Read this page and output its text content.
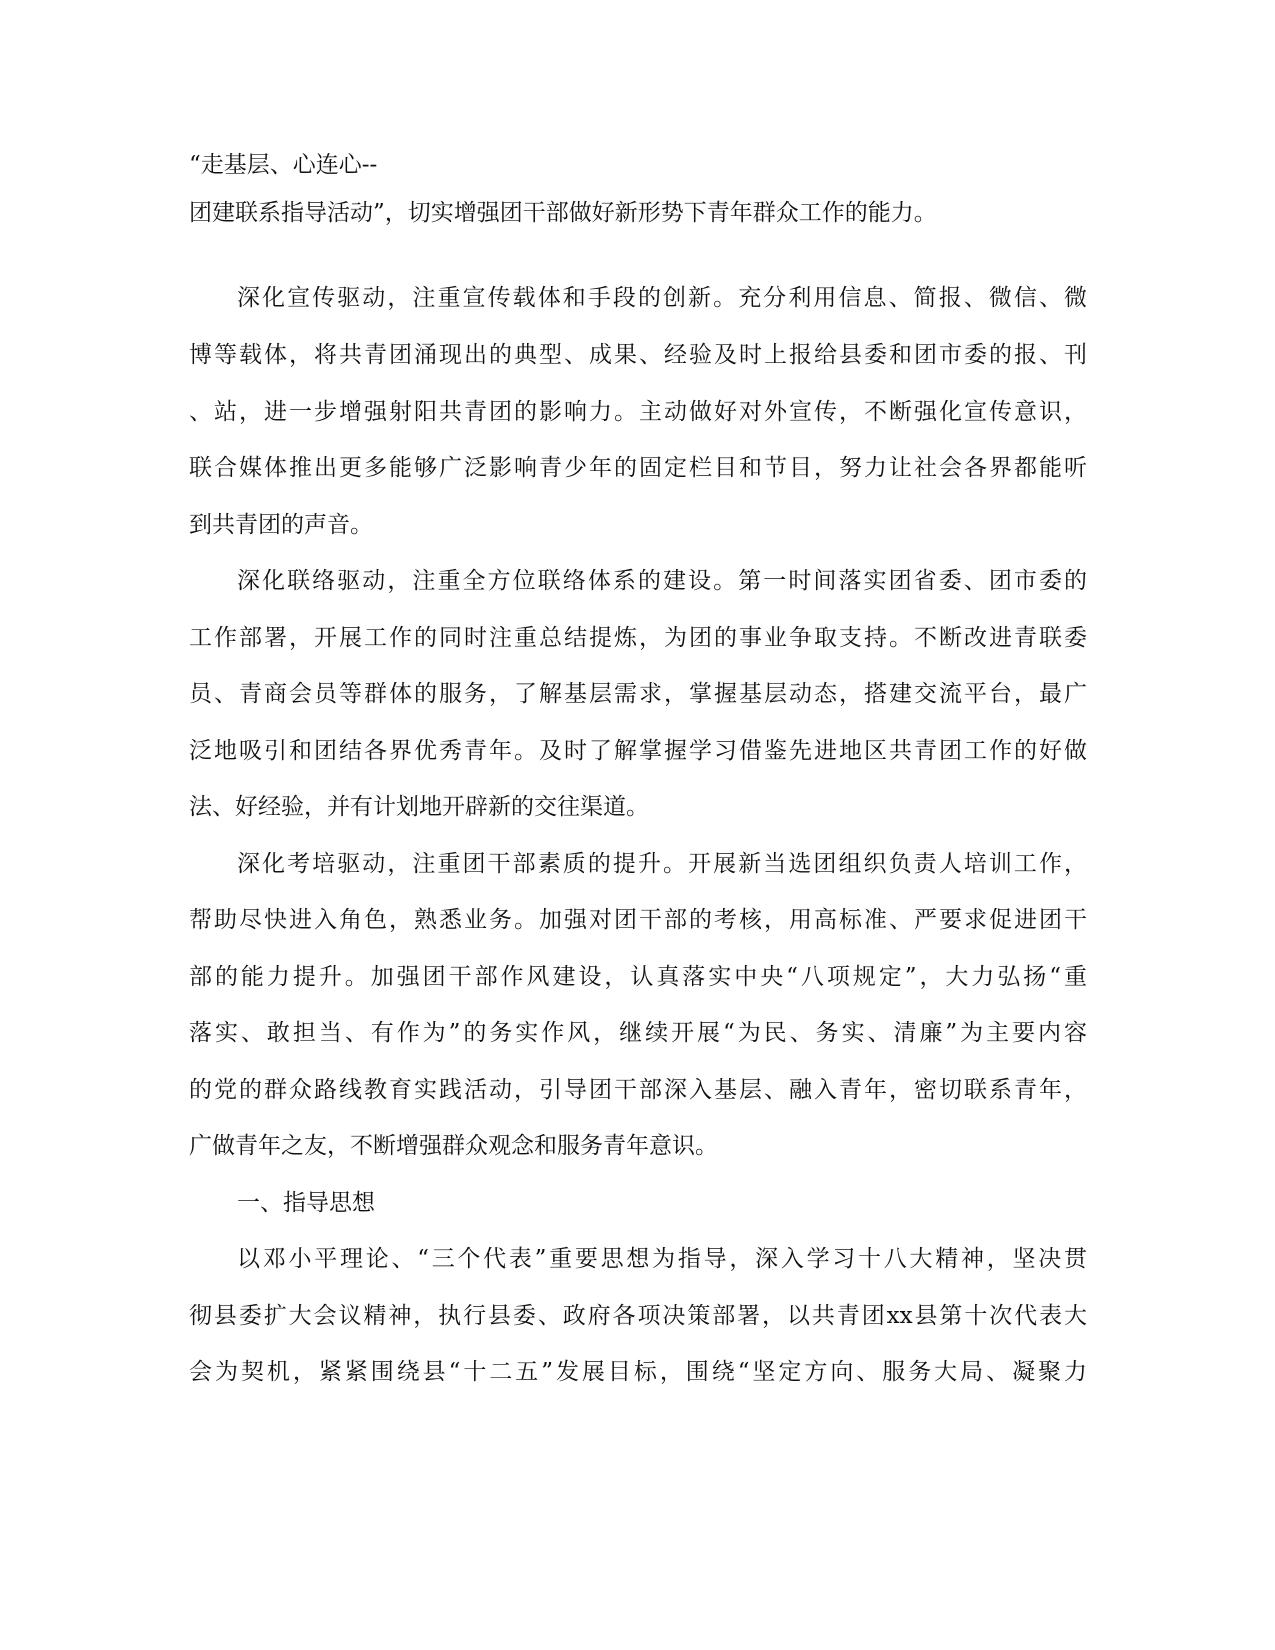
“走基层、心连心--

团建联系指导活动”，切实增强团干部做好新形势下青年群众工作的能力。

深化宣传驱动，注重宣传载体和手段的创新。充分利用信息、简报、微信、微

博等载体，将共青团涌现出的典型、成果、经验及时上报给县委和团市委的报、刊

、站，进一步增强射阳共青团的影响力。主动做好对外宣传，不断强化宣传意识，

联合媒体推出更多能够广泛影响青少年的固定栏目和节目，努力让社会各界都能听

到共青团的声音。

深化联络驱动，注重全方位联络体系的建设。第一时间落实团省委、团市委的

工作部署，开展工作的同时注重总结提炼，为团的事业争取支持。不断改进青联委

员、青商会员等群体的服务，了解基层需求，掌握基层动态，搭建交流平台，最广

泛地吸引和团结各界优秀青年。及时了解掌握学习借鉴先进地区共青团工作的好做

法、好经验，并有计划地开辟新的交往渠道。

深化考培驱动，注重团干部素质的提升。开展新当选团组织负责人培训工作，

帮助尽快进入角色，熟悉业务。加强对团干部的考核，用高标准、严要求促进团干

部的能力提升。加强团干部作风建设，认真落实中央“八项规定”，大力弘扬“重

落实、敢担当、有作为”的务实作风，继续开展“为民、务实、清廉”为主要内容

的党的群众路线教育实践活动，引导团干部深入基层、融入青年，密切联系青年，

广做青年之友，不断增强群众观念和服务青年意识。

一、指导思想

以邓小平理论、“三个代表”重要思想为指导，深入学习十八大精神，坚决贯

彻县委扩大会议精神，执行县委、政府各项决策部署，以共青团xx县第十次代表大

会为契机，紧紧围绕县“十二五”发展目标，围绕“坚定方向、服务大局、凝聚力
